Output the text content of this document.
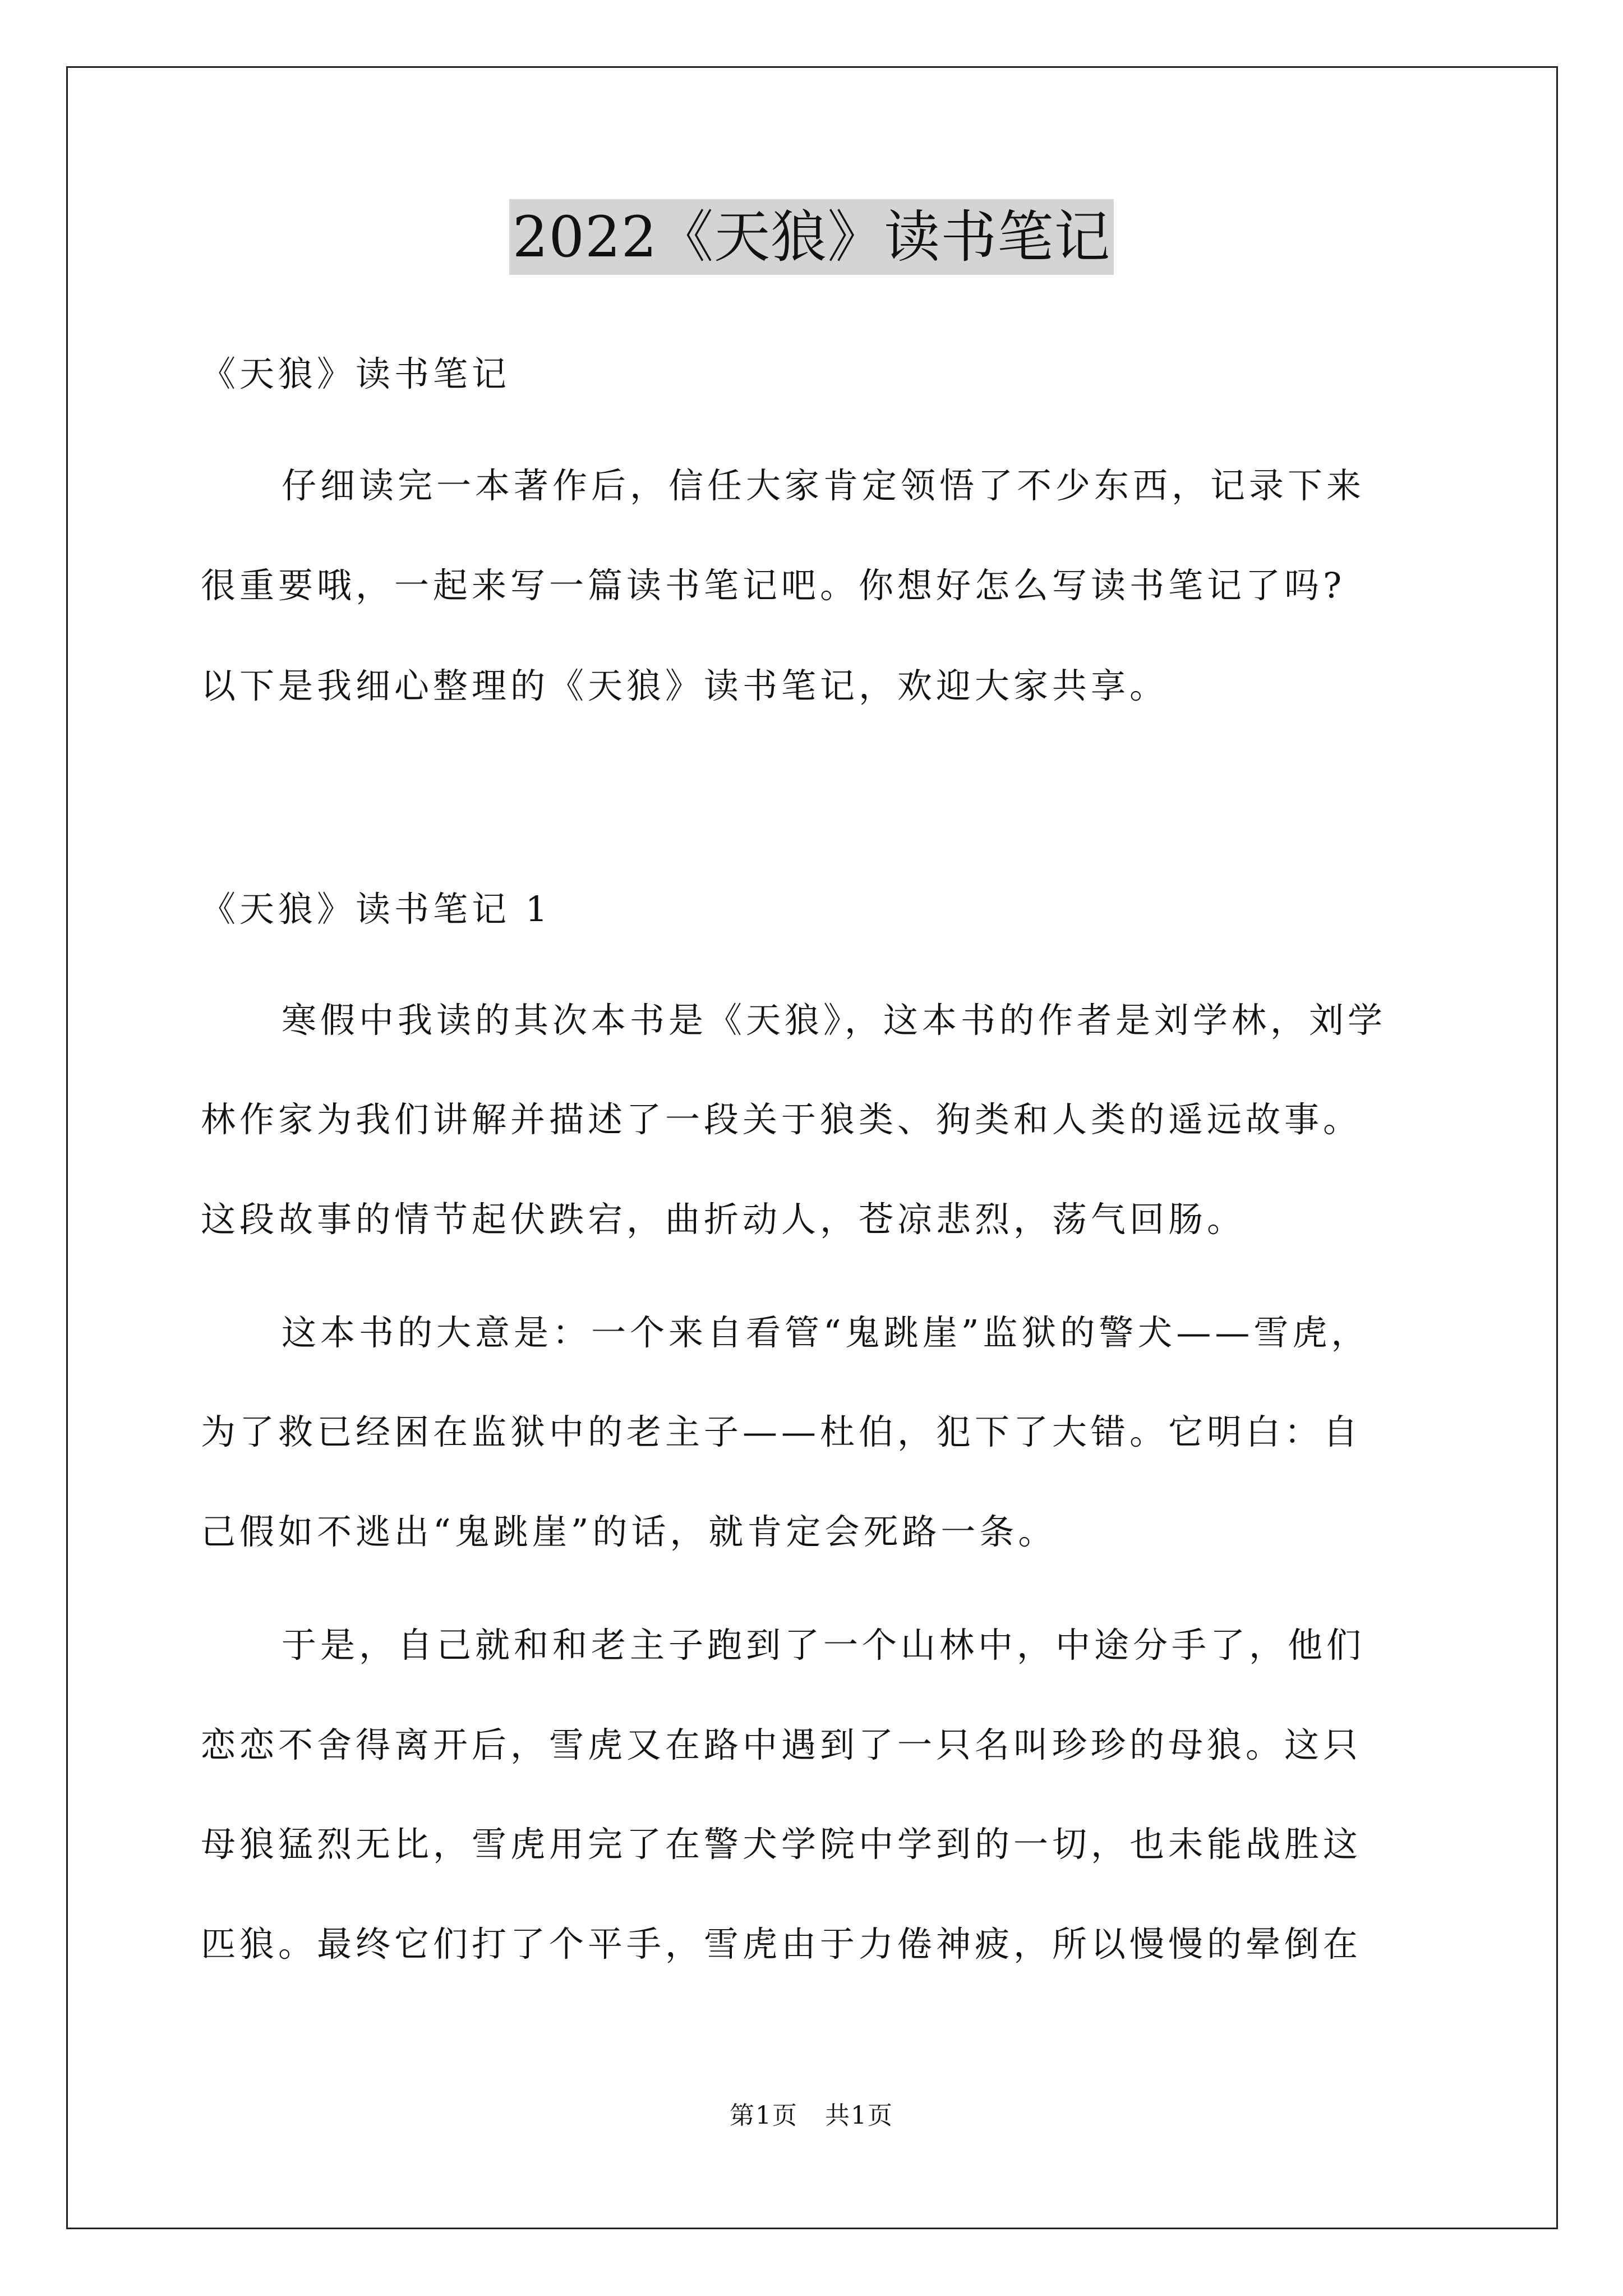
2022《天狼》读书笔记
《天狼》读书笔记
仔细读完一本著作后，信任大家肯定领悟了不少东西，记录下来
很重要哦，一起来写一篇读书笔记吧。你想好怎么写读书笔记了吗?
以下是我细心整理的《天狼》读书笔记，欢迎大家共享。
《天狼》读书笔记 1
寒假中我读的其次本书是《天狼》，这本书的作者是刘学林，刘学
林作家为我们讲解并描述了一段关于狼类、狗类和人类的遥远故事。
这段故事的情节起伏跌宕，曲折动人，苍凉悲烈，荡气回肠。
这本书的大意是：一个来自看管“鬼跳崖”监狱的警犬——雪虎，
为了救已经困在监狱中的老主子——杜伯，犯下了大错。它明白：自
己假如不逃出“鬼跳崖”的话，就肯定会死路一条。
于是，自己就和和老主子跑到了一个山林中，中途分手了，他们
恋恋不舍得离开后，雪虎又在路中遇到了一只名叫珍珍的母狼。这只
母狼猛烈无比，雪虎用完了在警犬学院中学到的一切，也未能战胜这
匹狼。最终它们打了个平手，雪虎由于力倦神疲，所以慢慢的晕倒在
第1页 共1页
